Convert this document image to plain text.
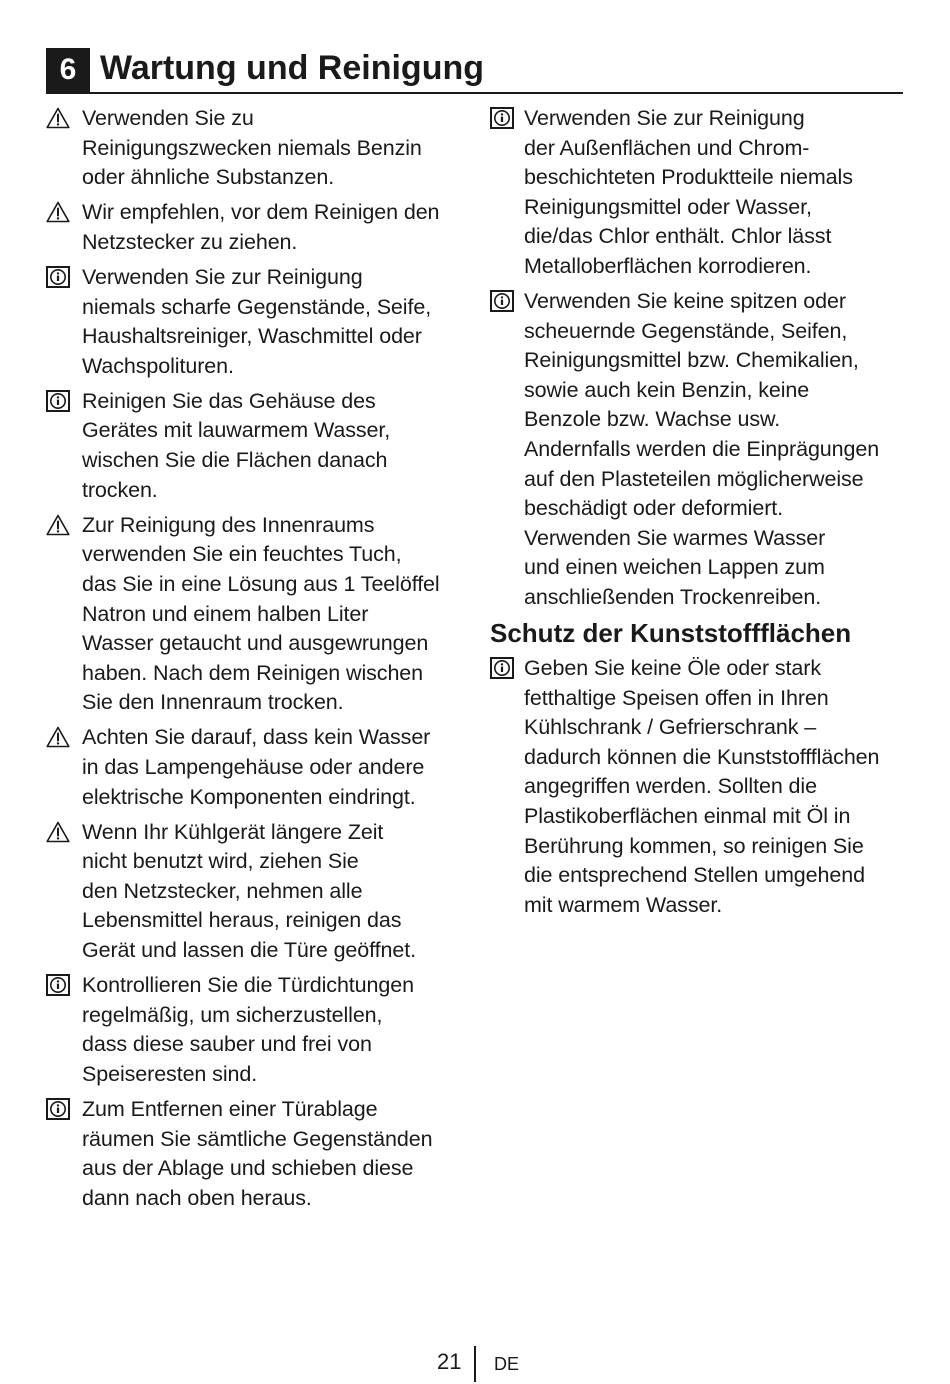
6 Wartung und Reinigung
Verwenden Sie zu
Reinigungszwecken niemals Benzin
oder ähnliche Substanzen.
Wir empfehlen, vor dem Reinigen den
Netzstecker zu ziehen.
Verwenden Sie zur Reinigung
niemals scharfe Gegenstände, Seife,
Haushaltsreiniger, Waschmittel oder
Wachspolituren.
Reinigen Sie das Gehäuse des
Gerätes mit lauwarmem Wasser,
wischen Sie die Flächen danach
trocken.
Zur Reinigung des Innenraums
verwenden Sie ein feuchtes Tuch,
das Sie in eine Lösung aus 1 Teelöffel
Natron und einem halben Liter
Wasser getaucht und ausgewrungen
haben. Nach dem Reinigen wischen
Sie den Innenraum trocken.
Achten Sie darauf, dass kein Wasser
in das Lampengehäuse oder andere
elektrische Komponenten eindringt.
Wenn Ihr Kühlgerät längere Zeit
nicht benutzt wird, ziehen Sie
den Netzstecker, nehmen alle
Lebensmittel heraus, reinigen das
Gerät und lassen die Türe geöffnet.
Kontrollieren Sie die Türdichtungen
regelmäßig, um sicherzustellen,
dass diese sauber und frei von
Speiseresten sind.
Zum Entfernen einer Türablage
räumen Sie sämtliche Gegenständen
aus der Ablage und schieben diese
dann nach oben heraus.
Verwenden Sie zur Reinigung
der Außenflächen und Chrom-
beschichteten Produktteile niemals
Reinigungsmittel oder Wasser,
die/das Chlor enthält. Chlor lässt
Metalloberflächen korrodieren.
Verwenden Sie keine spitzen oder
scheuernde Gegenstände, Seifen,
Reinigungsmittel bzw. Chemikalien,
sowie auch kein Benzin, keine
Benzole bzw. Wachse usw.
Andernfalls werden die Einprägungen
auf den Plasteteilen möglicherweise
beschädigt oder deformiert.
Verwenden Sie warmes Wasser
und einen weichen Lappen zum
anschließenden Trockenreiben.
Schutz der Kunststoffflächen
Geben Sie keine Öle oder stark
fetthaltige Speisen offen in Ihren
Kühlschrank / Gefrierschrank –
dadurch können die Kunststoffflächen
angegriffen werden. Sollten die
Plastikoberflächen einmal mit Öl in
Berührung kommen, so reinigen Sie
die entsprechend Stellen umgehend
mit warmem Wasser.
21 DE
